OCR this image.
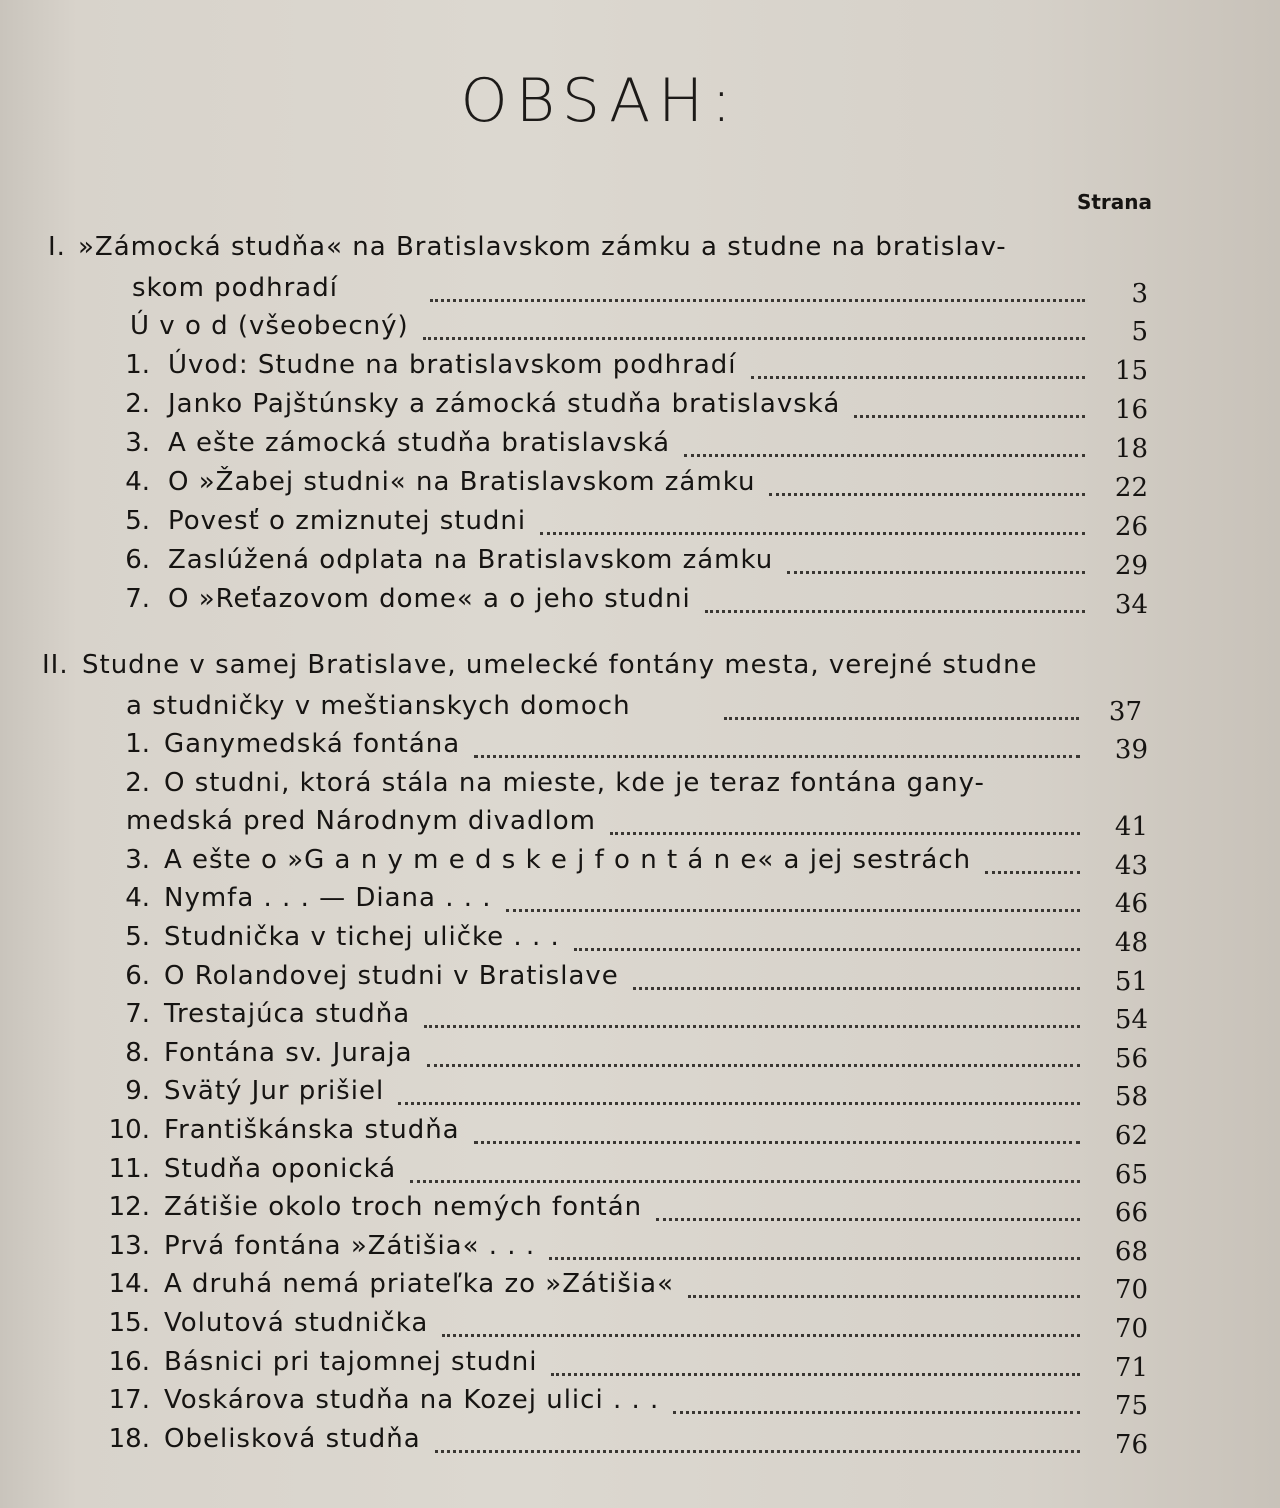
OBSAH:
Strana
I. »Zámocká studňa« na Bratislavskom zámku a studne na bratislav-
skom podhradí	3
Ú v o d (všeobecný)	5
1. Úvod: Studne na bratislavskom podhradí	15
2. Janko Pajštúnsky a zámocká studňa bratislavská	16
3. A ešte zámocká studňa bratislavská	18
4. O »Žabej studni« na Bratislavskom zámku	22
5. Povesť o zmiznutej studni	26
6. Zaslúžená odplata na Bratislavskom zámku	29
7. O »Reťazovom dome« a o jeho studni	34
II. Studne v samej Bratislave, umelecké fontány mesta, verejné studne
a studničky v meštianskych domoch	37
1. Ganymedská fontána	39
2. O studni, ktorá stála na mieste, kde je teraz fontána gany-
medská pred Národnym divadlom	41
3. A ešte o »G a n y m e d s k e j f o n t á n e« a jej sestrách	43
4. Nymfa . . . — Diana . . .	46
5. Studnička v tichej uličke . . .	48
6. O Rolandovej studni v Bratislave	51
7. Trestajúca studňa	54
8. Fontána sv. Juraja	56
9. Svätý Jur prišiel	58
10. Františkánska studňa	62
11. Studňa oponická	65
12. Zátišie okolo troch nemých fontán	66
13. Prvá fontána »Zátišia« . . .	68
14. A druhá nemá priateľka zo »Zátišia«	70
15. Volutová studnička	70
16. Básnici pri tajomnej studni	71
17. Voskárova studňa na Kozej ulici . . .	75
18. Obelisková studňa	76
